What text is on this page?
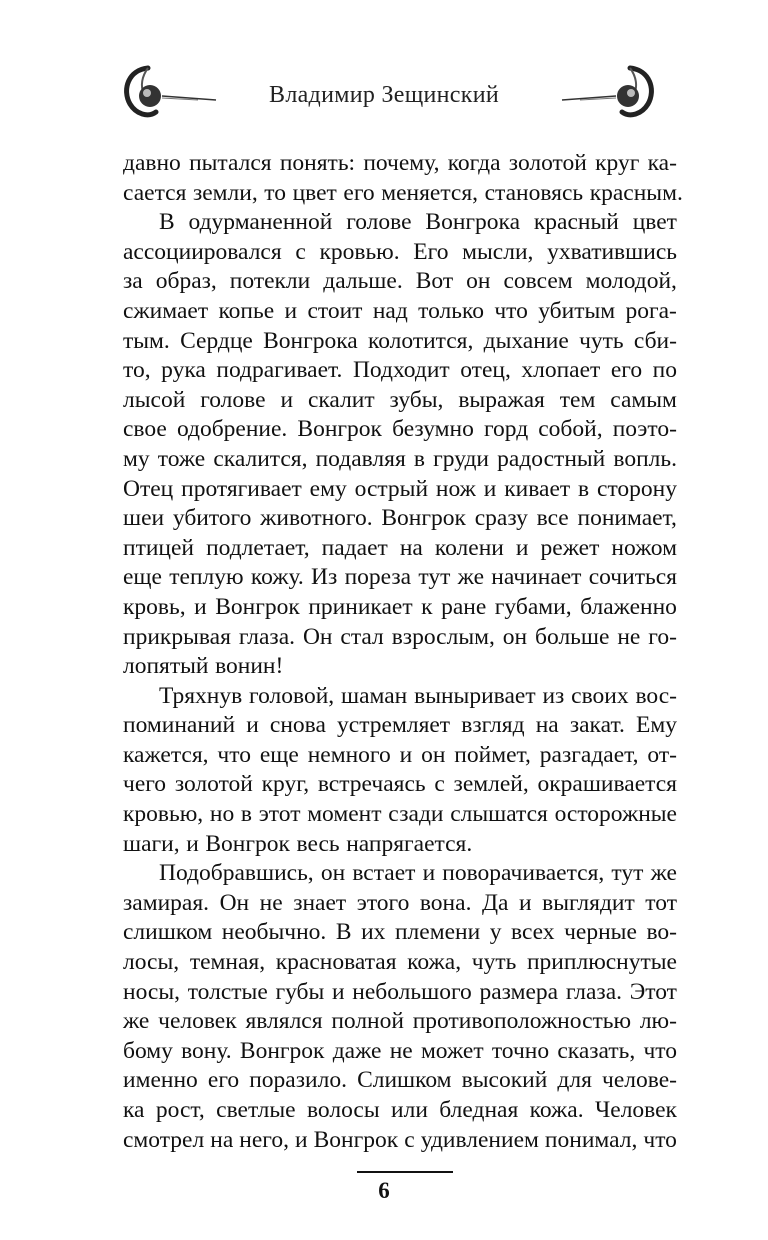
Владимир Зещинский
давно пытался понять: почему, когда золотой круг ка-
сается земли, то цвет его меняется, становясь красным.
В одурманенной голове Вонгрока красный цвет
ассоциировался с кровью. Его мысли, ухватившись
за образ, потекли дальше. Вот он совсем молодой,
сжимает копье и стоит над только что убитым рога-
тым. Сердце Вонгрока колотится, дыхание чуть сби-
то, рука подрагивает. Подходит отец, хлопает его по
лысой голове и скалит зубы, выражая тем самым
свое одобрение. Вонгрок безумно горд собой, поэто-
му тоже скалится, подавляя в груди радостный вопль.
Отец протягивает ему острый нож и кивает в сторону
шеи убитого животного. Вонгрок сразу все понимает,
птицей подлетает, падает на колени и режет ножом
еще теплую кожу. Из пореза тут же начинает сочиться
кровь, и Вонгрок приникает к ране губами, блаженно
прикрывая глаза. Он стал взрослым, он больше не го-
лопятый вонин!
Тряхнув головой, шаман выныривает из своих вос-
поминаний и снова устремляет взгляд на закат. Ему
кажется, что еще немного и он поймет, разгадает, от-
чего золотой круг, встречаясь с землей, окрашивается
кровью, но в этот момент сзади слышатся осторожные
шаги, и Вонгрок весь напрягается.
Подобравшись, он встает и поворачивается, тут же
замирая. Он не знает этого вона. Да и выглядит тот
слишком необычно. В их племени у всех черные во-
лосы, темная, красноватая кожа, чуть приплюснутые
носы, толстые губы и небольшого размера глаза. Этот
же человек являлся полной противоположностью лю-
бому вону. Вонгрок даже не может точно сказать, что
именно его поразило. Слишком высокий для челове-
ка рост, светлые волосы или бледная кожа. Человек
смотрел на него, и Вонгрок с удивлением понимал, что
6
